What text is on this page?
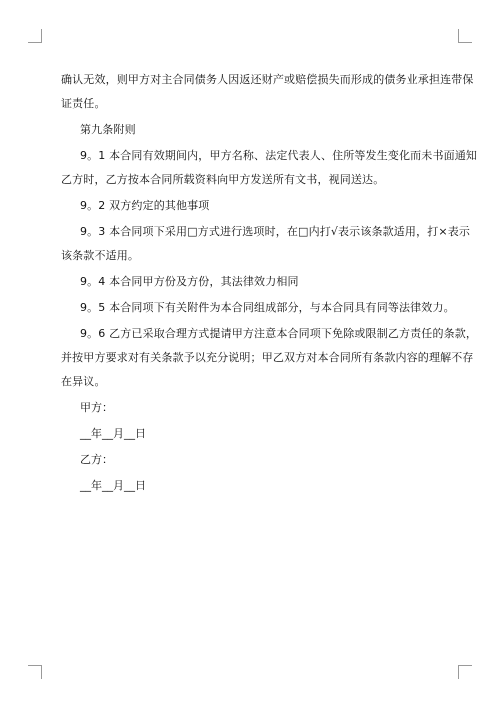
确认无效，则甲方对主合同债务人因返还财产或赔偿损失而形成的债务业承担连带保
证责任。
第九条附则
9。1 本合同有效期间内，甲方名称、法定代表人、住所等发生变化而未书面通知
乙方时，乙方按本合同所载资料向甲方发送所有文书，视同送达。
9。2 双方约定的其他事项
9。3 本合同项下采用□方式进行选项时，在□内打√表示该条款适用，打×表示
该条款不适用。
9。4 本合同甲方份及方份，其法律效力相同
9。5 本合同项下有关附件为本合同组成部分，与本合同具有同等法律效力。
9。6 乙方已采取合理方式提请甲方注意本合同项下免除或限制乙方责任的条款，
并按甲方要求对有关条款予以充分说明；甲乙双方对本合同所有条款内容的理解不存
在异议。
甲方：
__年__月__日
乙方：
__年__月__日
